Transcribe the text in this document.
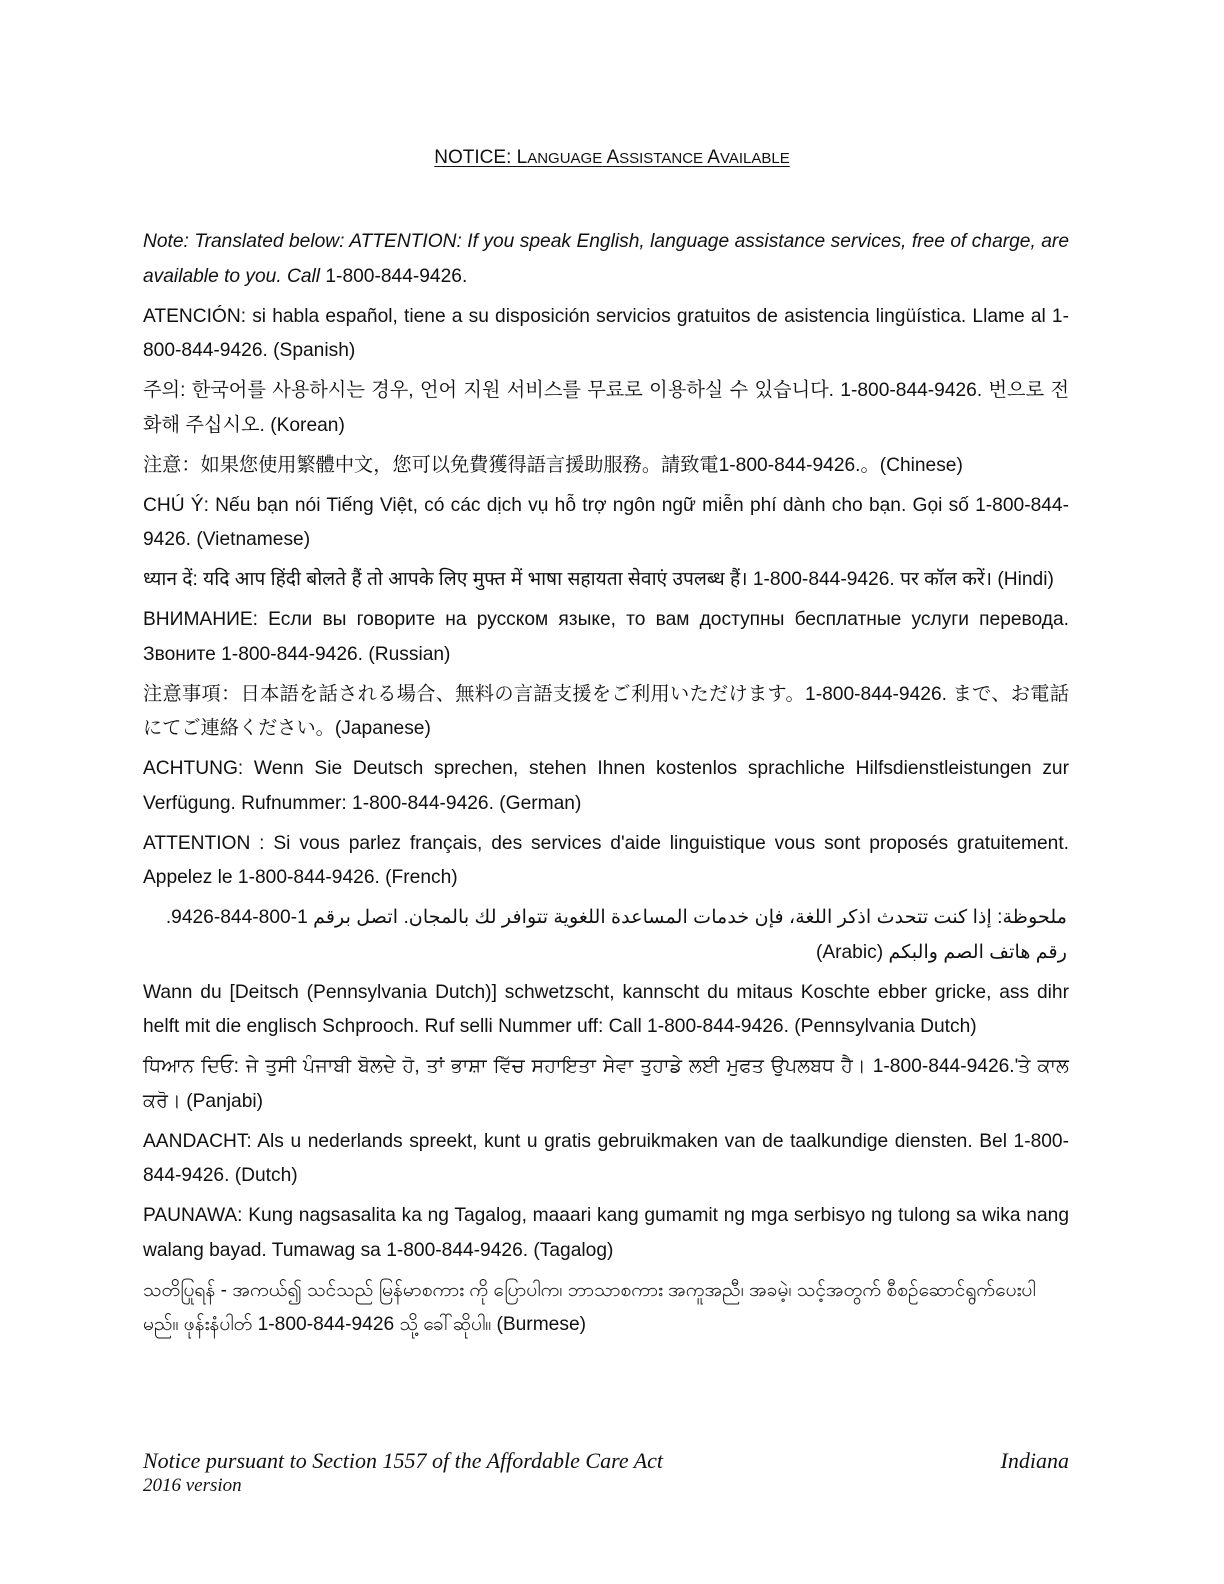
NOTICE: LANGUAGE ASSISTANCE AVAILABLE

Note: Translated below: ATTENTION: If you speak English, language assistance services, free of charge, are available to you. Call 1-800-844-9426.

ATENCIÓN: si habla español, tiene a su disposición servicios gratuitos de asistencia lingüística. Llame al 1-800-844-9426. (Spanish)

주의: 한국어를 사용하시는 경우, 언어 지원 서비스를 무료로 이용하실 수 있습니다. 1-800-844-9426. 번으로 전화해 주십시오. (Korean)

注意：如果您使用繁體中文，您可以免費獲得語言援助服務。請致電1-800-844-9426.。(Chinese)

CHÚ Ý: Nếu bạn nói Tiếng Việt, có các dịch vụ hỗ trợ ngôn ngữ miễn phí dành cho bạn. Gọi số 1-800-844-9426. (Vietnamese)

ध्यान दें: यदि आप हिंदी बोलते हैं तो आपके लिए मुफ्त में भाषा सहायता सेवाएं उपलब्ध हैं। 1-800-844-9426. पर कॉल करें। (Hindi)

ВНИМАНИЕ: Если вы говорите на русском языке, то вам доступны бесплатные услуги перевода. Звоните 1-800-844-9426. (Russian)

注意事項：日本語を話される場合、無料の言語支援をご利用いただけます。1-800-844-9426. まで、お電話にてご連絡ください。(Japanese)

ACHTUNG: Wenn Sie Deutsch sprechen, stehen Ihnen kostenlos sprachliche Hilfsdienstleistungen zur Verfügung. Rufnummer: 1-800-844-9426. (German)

ATTENTION : Si vous parlez français, des services d'aide linguistique vous sont proposés gratuitement. Appelez le 1-800-844-9426. (French)

ملحوظة: إذا كنت تتحدث اذكر اللغة، فإن خدمات المساعدة اللغوية تتوافر لك بالمجان. اتصل برقم 1-800-844-9426. رقم هاتف الصم والبكم (Arabic)

Wann du [Deitsch (Pennsylvania Dutch)] schwetzscht, kannscht du mitaus Koschte ebber gricke, ass dihr helft mit die englisch Schprooch. Ruf selli Nummer uff: Call 1-800-844-9426. (Pennsylvania Dutch)

ਧਿਆਨ ਦਿਓ: ਜੇ ਤੁਸੀ ਪੰਜਾਬੀ ਬੋਲਦੇ ਹੋ, ਤਾਂ ਭਾਸ਼ਾ ਵਿੱਚ ਸਹਾਇਤਾ ਸੇਵਾ ਤੁਹਾਡੇ ਲਈ ਮੁਫਤ ਉਪਲਬਧ ਹੈ। 1-800-844-9426.'ਤੇ ਕਾਲ ਕਰੋ। (Panjabi)

AANDACHT: Als u nederlands spreekt, kunt u gratis gebruikmaken van de taalkundige diensten. Bel 1-800-844-9426. (Dutch)

PAUNAWA: Kung nagsasalita ka ng Tagalog, maaari kang gumamit ng mga serbisyo ng tulong sa wika nang walang bayad. Tumawag sa 1-800-844-9426. (Tagalog)

သတိပြုရန် - အကယ်၍ သင်သည် မြန်မာစကား ကို ပြောပါက၊ ဘာသာစကား အကူအညီ၊ အခမဲ့၊ သင့်အတွက် စီစဉ်ဆောင်ရွက်ပေးပါမည်။ ဖုန်းနံပါတ် 1-800-844-9426 သို့ ခေါ်ဆိုပါ။ (Burmese)

Notice pursuant to Section 1557 of the Affordable Care Act	Indiana
2016 version
